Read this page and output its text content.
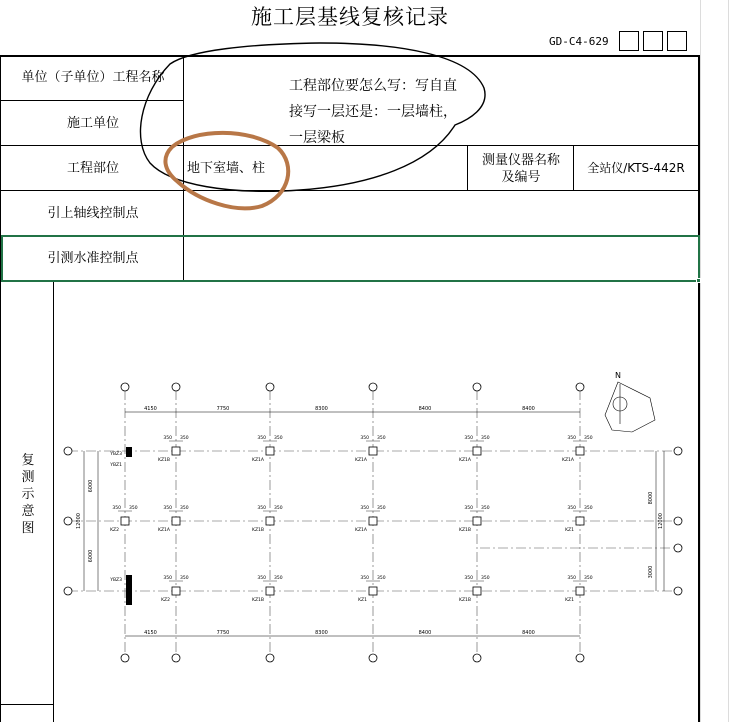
施工层基线复核记录
GD-C4-629
单位（子单位）工程名称
施工单位
工程部位
测量仪器名称及编号
引上轴线控制点
引测水准控制点
地下室墙、柱	全站仪/KTS-442R
工程部位要怎么写：写自直
接写一层还是：一层墙柱，
一层梁板
复
测
示
意
图
4150
4150
7750
7750
8300
8300
8400
8400
8400
8400
6000
12000
6000
8000
12000
3000
350 350
KZ1B
350 350
KZ1A
350 350
KZ1A
350 350
KZ1A
350 350
KZ1A
350 350
KZ2
350 350
KZ1A
350 350
KZ1B
350 350
KZ1A
350 350
KZ1B
350 350
KZ1
350 350
KZ2
350 350
KZ1B
350 350
KZ1
350 350
KZ1B
350 350
KZ1
YBZ3
YBZ1
YBZ3
N
